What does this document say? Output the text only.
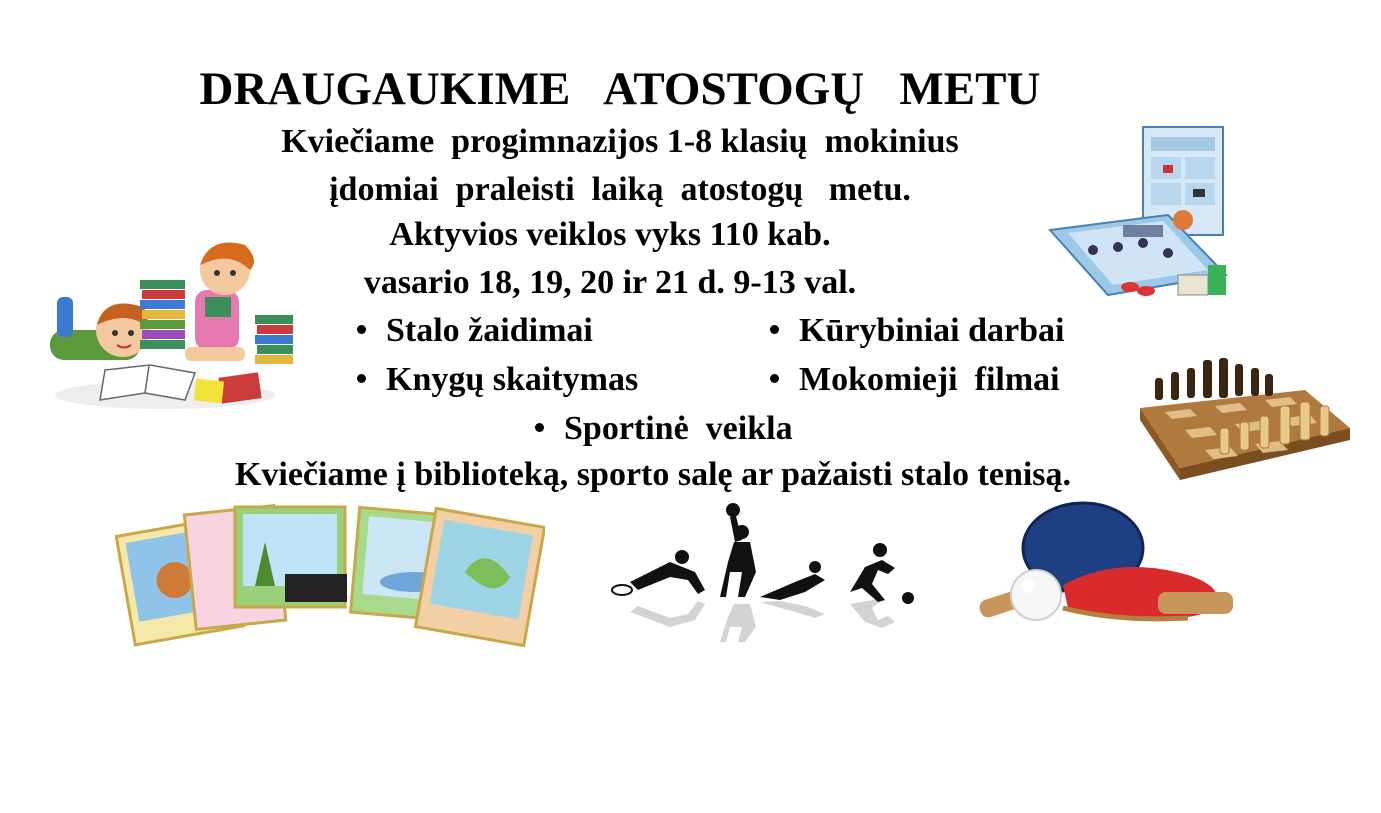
DRAUGAUKIME   ATOSTOGŲ   METU
Kviečiame  progimnazijos 1-8 klasių  mokinius
įdomiai  praleisti  laiką  atostogų   metu.
Aktyvios veiklos vyks 110 kab.
vasario 18, 19, 20 ir 21 d. 9-13 val.
Stalo žaidimai	Kūrybiniai darbai
Knygų skaitymas	Mokomieji  filmai
Sportinė  veikla
Kviečiame į biblioteką, sporto salę ar pažaisti stalo tenisą.
